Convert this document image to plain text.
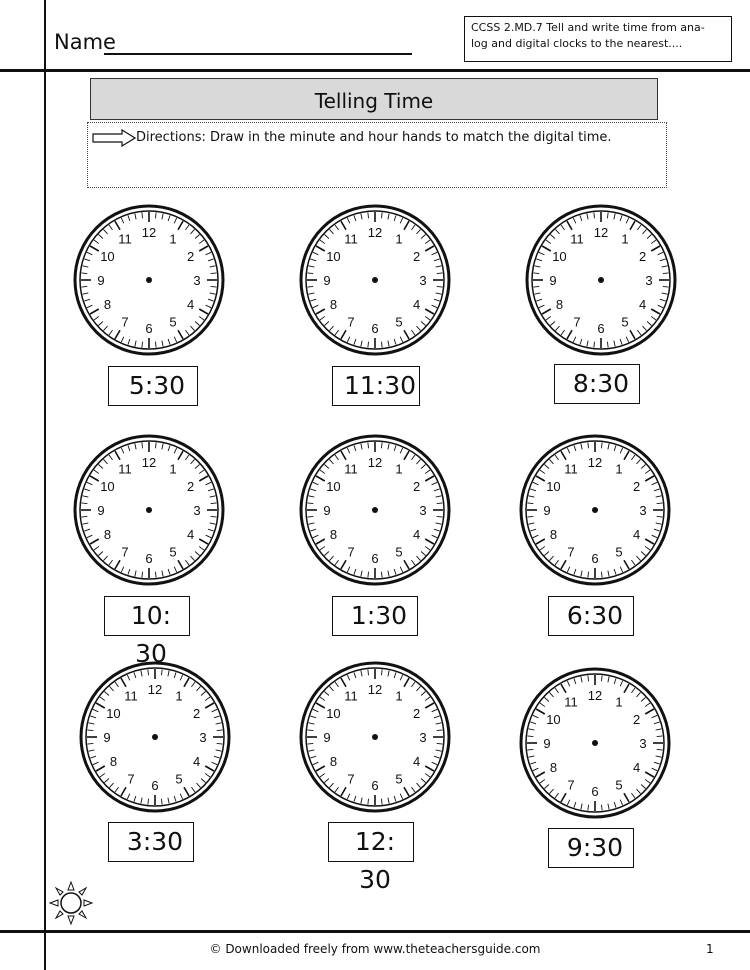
Name
CCSS 2.MD.7 Tell and write time from ana-
log and digital clocks to the nearest....
Telling Time
Directions: Draw in the minute and hour hands to match the digital time.
12 1
2
3
4
5
6
7
8
9
10
11	12 1
2
3
4
5
6
7
8
9
10
11	12 1
2
3
4
5
6
7
8
9
10
11
12 1
2
3
4
5
6
7
8
9
10
11	12 1
2
3
4
5
6
7
8
9
10
11	12 1
2
3
4
5
6
7
8
9
10
11
12 1
2
3
4
5
6
7
8
9
10
11	12 1
2
3
4
5
6
7
8
9
10
11	12 1
2
3
4
5
6
7
8
9
10
11
5:30	11:30	8:30
10: 30
1:30	6:30
3:30	12: 30
9:30
© Downloaded freely from www.theteachersguide.com	1
